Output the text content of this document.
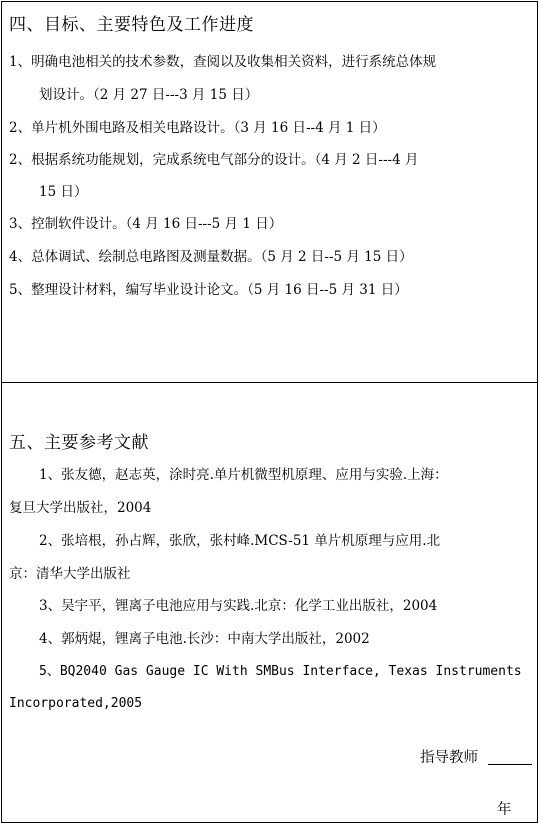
四、目标、主要特色及工作进度
1、明确电池相关的技术参数，查阅以及收集相关资料，进行系统总体规
划设计。（2 月 27 日---3 月 15 日）
2、单片机外围电路及相关电路设计。（3 月 16 日--4 月 1 日）
2、根据系统功能规划，完成系统电气部分的设计。（4 月 2 日---4 月
15 日）
3、控制软件设计。（4 月 16 日---5 月 1 日）
4、总体调试、绘制总电路图及测量数据。（5 月 2 日--5 月 15 日）
5、整理设计材料，编写毕业设计论文。（5 月 16 日--5 月 31 日）
五、主要参考文献
1、张友德，赵志英，涂时亮.单片机微型机原理、应用与实验.上海：
复旦大学出版社，2004
2、张培根，孙占辉，张欣，张村峰.MCS-51 单片机原理与应用.北
京：清华大学出版社
3、吴宇平，锂离子电池应用与实践.北京：化学工业出版社，2004
4、郭炳焜，锂离子电池.长沙：中南大学出版社，2002
5、BQ2040 Gas Gauge IC With SMBus Interface, Texas Instruments
Incorporated,2005
指导教师
年
